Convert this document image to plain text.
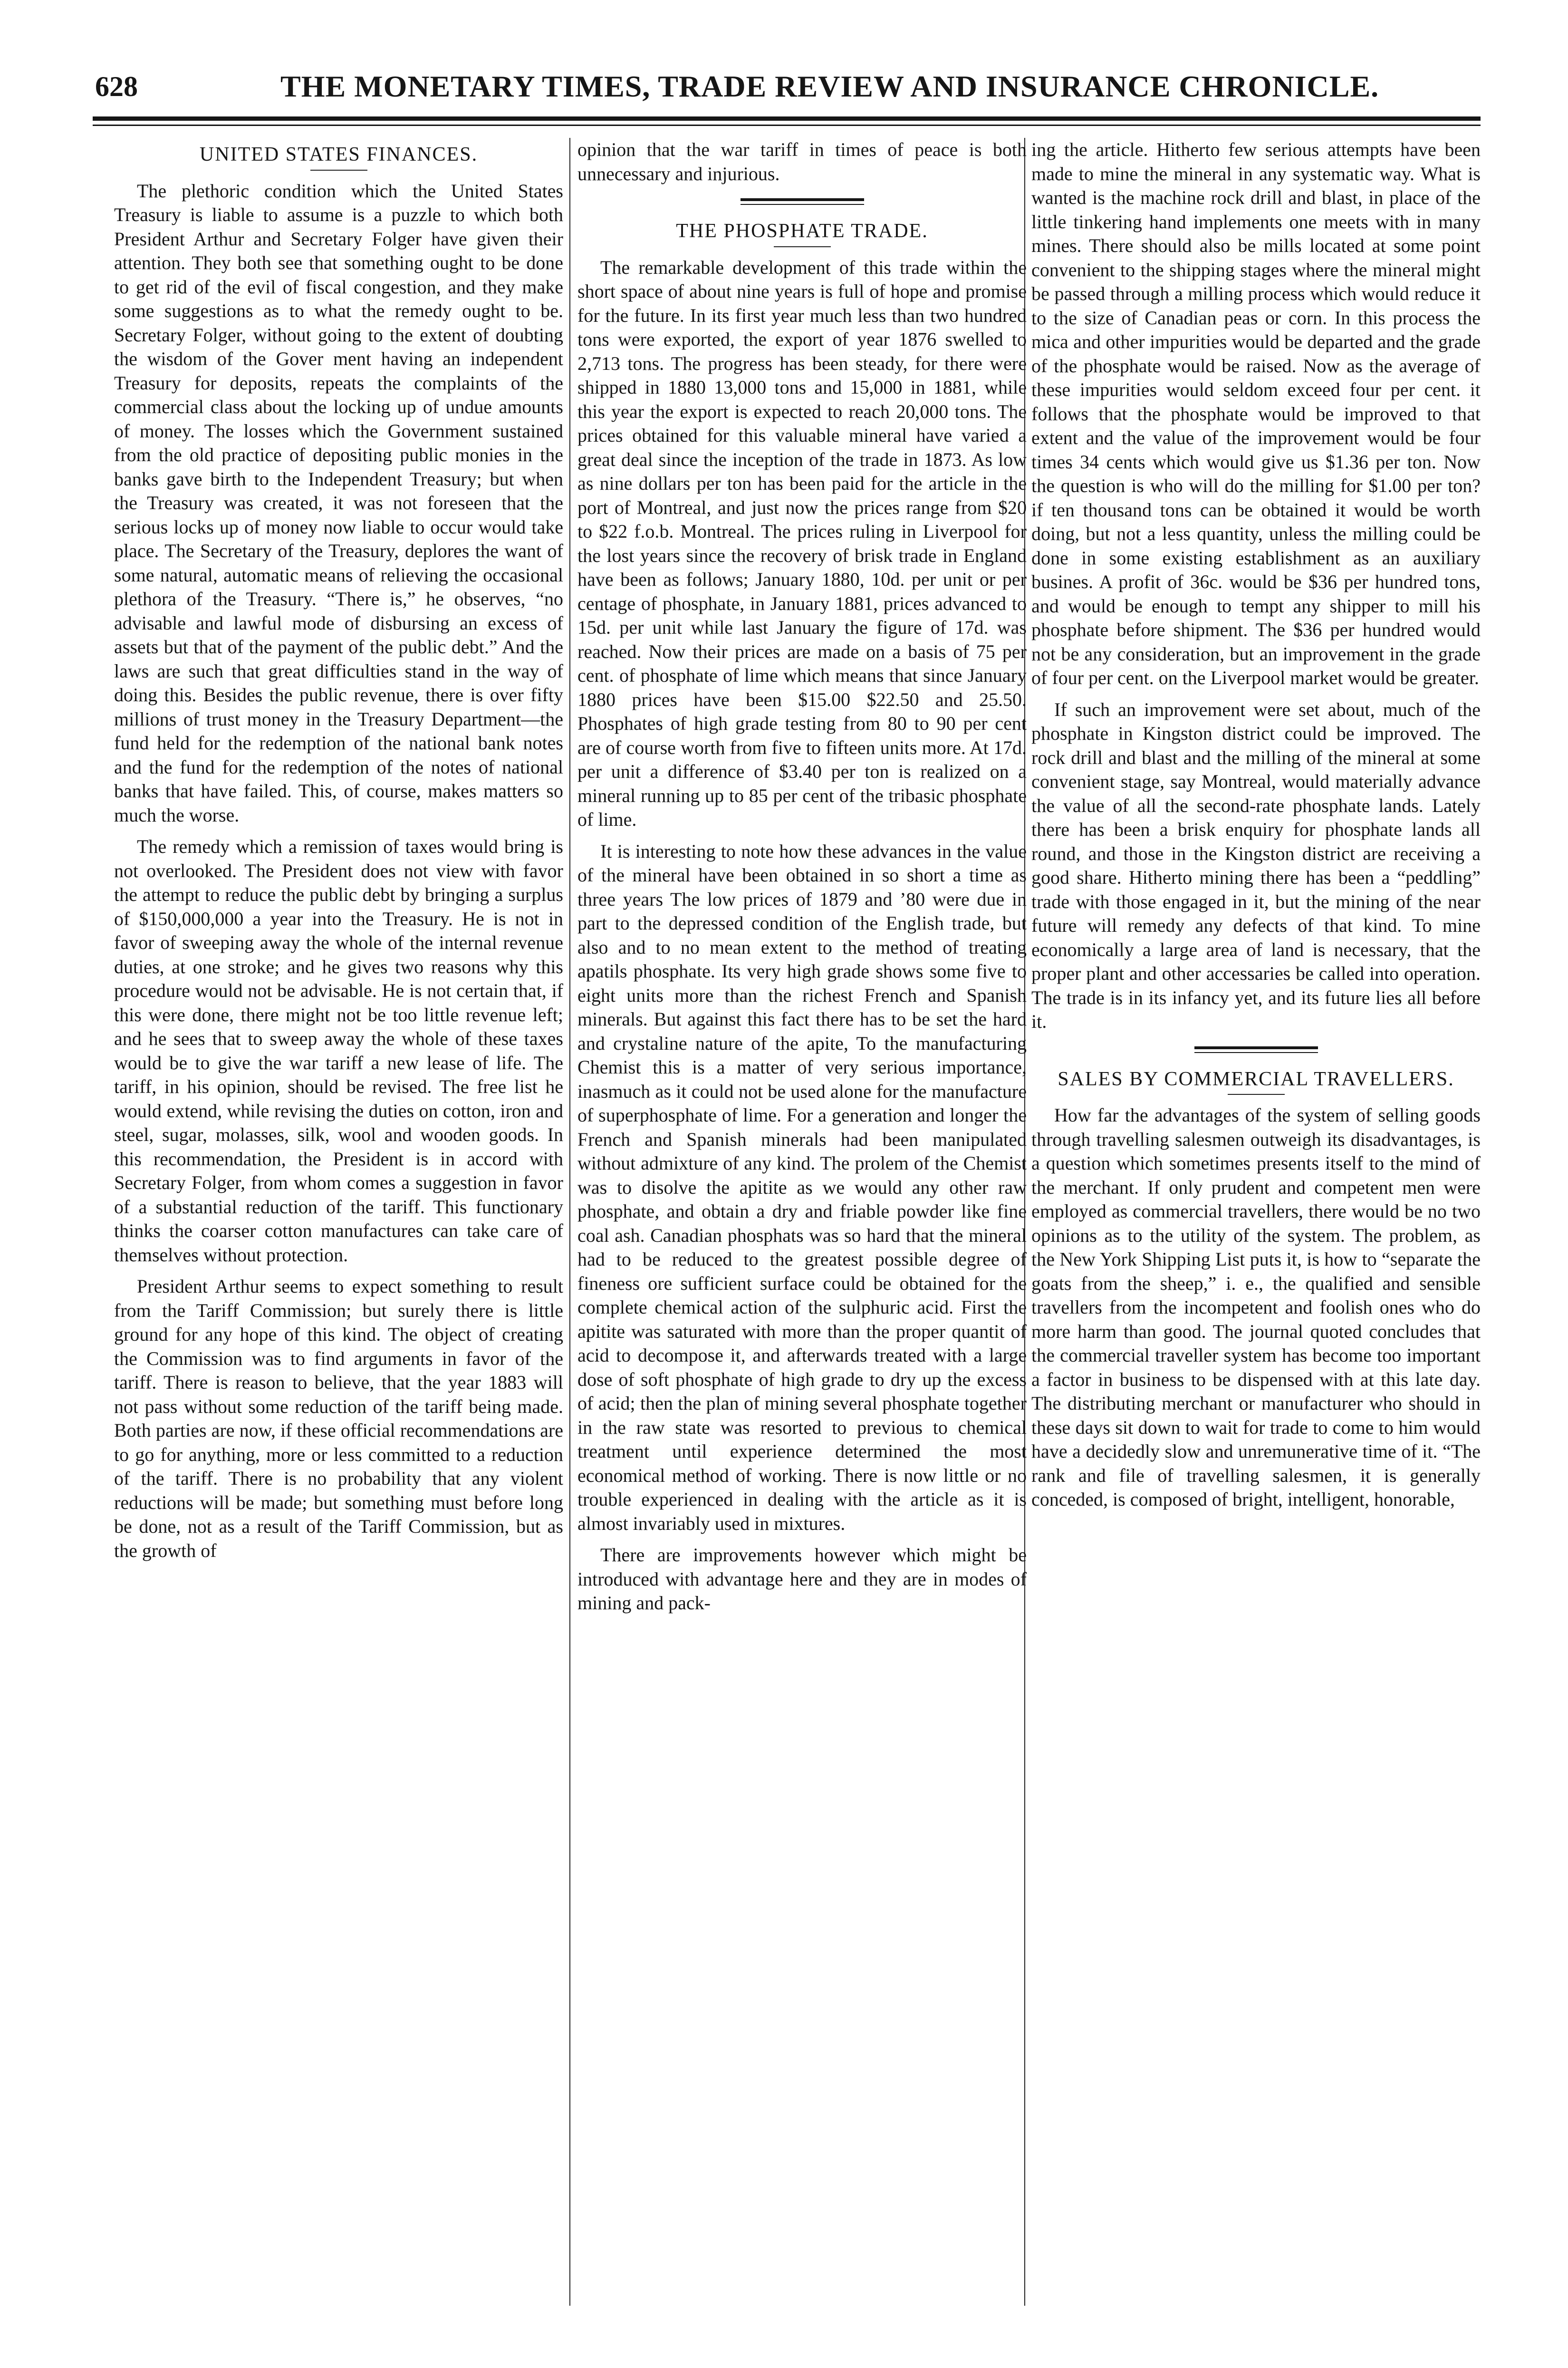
628	THE MONETARY TIMES, TRADE REVIEW AND INSURANCE CHRONICLE.
UNITED STATES FINANCES.

The plethoric condition which the United States Treasury is liable to assume is a puzzle to which both President Arthur and Secretary Folger have given their attention. They both see that something ought to be done to get rid of the evil of fiscal congestion, and they make some suggestions as to what the remedy ought to be. Secretary Folger, without going to the extent of doubting the wisdom of the Gover ment having an independent Treasury for deposits, repeats the complaints of the commercial class about the locking up of undue amounts of money. The losses which the Government sustained from the old practice of depositing public monies in the banks gave birth to the Independent Treasury; but when the Treasury was created, it was not foreseen that the serious locks up of money now liable to occur would take place. The Secretary of the Treasury, deplores the want of some natural, automatic means of relieving the occasional plethora of the Treasury. “There is,” he observes, “no advisable and lawful mode of disbursing an excess of assets but that of the payment of the public debt.” And the laws are such that great difficulties stand in the way of doing this. Besides the public revenue, there is over fifty millions of trust money in the Treasury Department—the fund held for the redemption of the national bank notes and the fund for the redemption of the notes of national banks that have failed. This, of course, makes matters so much the worse.

The remedy which a remission of taxes would bring is not overlooked. The President does not view with favor the attempt to reduce the public debt by bringing a surplus of $150,000,000 a year into the Treasury. He is not in favor of sweeping away the whole of the internal revenue duties, at one stroke; and he gives two reasons why this procedure would not be advisable. He is not certain that, if this were done, there might not be too little revenue left; and he sees that to sweep away the whole of these taxes would be to give the war tariff a new lease of life. The tariff, in his opinion, should be revised. The free list he would extend, while revising the duties on cotton, iron and steel, sugar, molasses, silk, wool and wooden goods. In this recommendation, the President is in accord with Secretary Folger, from whom comes a suggestion in favor of a substantial reduction of the tariff. This functionary thinks the coarser cotton manufactures can take care of themselves without protection.

President Arthur seems to expect something to result from the Tariff Commission; but surely there is little ground for any hope of this kind. The object of creating the Commission was to find arguments in favor of the tariff. There is reason to believe, that the year 1883 will not pass without some reduction of the tariff being made. Both parties are now, if these official recommendations are to go for anything, more or less committed to a reduction of the tariff. There is no probability that any violent reductions will be made; but something must before long be done, not as a result of the Tariff Commission, but as the growth of

opinion that the war tariff in times of peace is both unnecessary and injurious.

THE PHOSPHATE TRADE.

The remarkable development of this trade within the short space of about nine years is full of hope and promise for the future. In its first year much less than two hundred tons were exported, the export of year 1876 swelled to 2,713 tons. The progress has been steady, for there were shipped in 1880 13,000 tons and 15,000 in 1881, while this year the export is expected to reach 20,000 tons. The prices obtained for this valuable mineral have varied a great deal since the inception of the trade in 1873. As low as nine dollars per ton has been paid for the article in the port of Montreal, and just now the prices range from $20 to $22 f.o.b. Montreal. The prices ruling in Liverpool for the lost years since the recovery of brisk trade in England have been as follows; January 1880, 10d. per unit or per centage of phosphate, in January 1881, prices advanced to 15d. per unit while last January the figure of 17d. was reached. Now their prices are made on a basis of 75 per cent. of phosphate of lime which means that since January 1880 prices have been $15.00 $22.50 and 25.50. Phosphates of high grade testing from 80 to 90 per cent are of course worth from five to fifteen units more. At 17d. per unit a difference of $3.40 per ton is realized on a mineral running up to 85 per cent of the tribasic phosphate of lime.

It is interesting to note how these advances in the value of the mineral have been obtained in so short a time as three years The low prices of 1879 and ’80 were due in part to the depressed condition of the English trade, but also and to no mean extent to the method of treating apatils phosphate. Its very high grade shows some five to eight units more than the richest French and Spanish minerals. But against this fact there has to be set the hard and crystaline nature of the apite, To the manufacturing Chemist this is a matter of very serious importance, inasmuch as it could not be used alone for the manufacture of superphosphate of lime. For a generation and longer the French and Spanish minerals had been manipulated without admixture of any kind. The prolem of the Chemist was to disolve the apitite as we would any other raw phosphate, and obtain a dry and friable powder like fine coal ash. Canadian phosphats was so hard that the mineral had to be reduced to the greatest possible degree of fineness ore sufficient surface could be obtained for the complete chemical action of the sulphuric acid. First the apitite was saturated with more than the proper quantit of acid to decompose it, and afterwards treated with a large dose of soft phosphate of high grade to dry up the excess of acid; then the plan of mining several phosphate together in the raw state was resorted to previous to chemical treatment until experience determined the most economical method of working. There is now little or no trouble experienced in dealing with the article as it is almost invariably used in mixtures.

There are improvements however which might be introduced with advantage here and they are in modes of mining and pack-

ing the article. Hitherto few serious attempts have been made to mine the mineral in any systematic way. What is wanted is the machine rock drill and blast, in place of the little tinkering hand implements one meets with in many mines. There should also be mills located at some point convenient to the shipping stages where the mineral might be passed through a milling process which would reduce it to the size of Canadian peas or corn. In this process the mica and other impurities would be departed and the grade of the phosphate would be raised. Now as the average of these impurities would seldom exceed four per cent. it follows that the phosphate would be improved to that extent and the value of the improvement would be four times 34 cents which would give us $1.36 per ton. Now the question is who will do the milling for $1.00 per ton? if ten thousand tons can be obtained it would be worth doing, but not a less quantity, unless the milling could be done in some existing establishment as an auxiliary busines. A profit of 36c. would be $36 per hundred tons, and would be enough to tempt any shipper to mill his phosphate before shipment. The $36 per hundred would not be any consideration, but an improvement in the grade of four per cent. on the Liverpool market would be greater.

If such an improvement were set about, much of the phosphate in Kingston district could be improved. The rock drill and blast and the milling of the mineral at some convenient stage, say Montreal, would materially advance the value of all the second-rate phosphate lands. Lately there has been a brisk enquiry for phosphate lands all round, and those in the Kingston district are receiving a good share. Hitherto mining there has been a “peddling” trade with those engaged in it, but the mining of the near future will remedy any defects of that kind. To mine economically a large area of land is necessary, that the proper plant and other accessaries be called into operation. The trade is in its infancy yet, and its future lies all before it.

SALES BY COMMERCIAL TRAVELLERS.

How far the advantages of the system of selling goods through travelling salesmen outweigh its disadvantages, is a question which sometimes presents itself to the mind of the merchant. If only prudent and competent men were employed as commercial travellers, there would be no two opinions as to the utility of the system. The problem, as the New York Shipping List puts it, is how to “separate the goats from the sheep,” i. e., the qualified and sensible travellers from the incompetent and foolish ones who do more harm than good. The journal quoted concludes that the commercial traveller system has become too important a factor in business to be dispensed with at this late day. The distributing merchant or manufacturer who should in these days sit down to wait for trade to come to him would have a decidedly slow and unremunerative time of it. “The rank and file of travelling salesmen, it is generally conceded, is composed of bright, intelligent, honorable,
